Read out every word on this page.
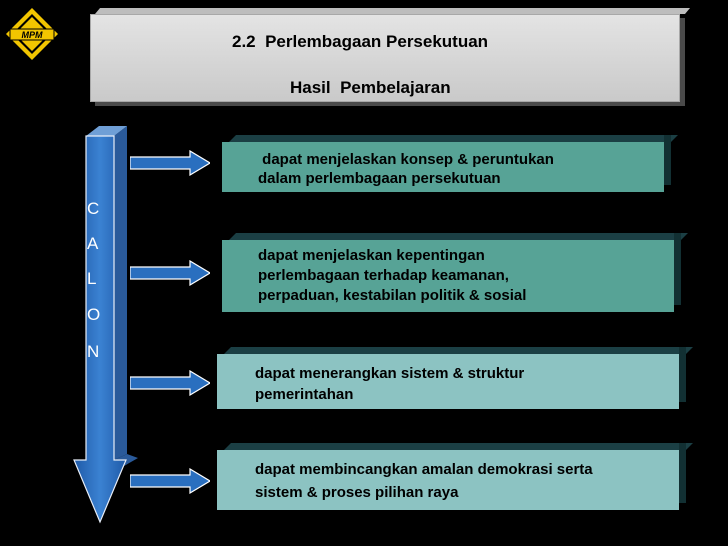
MPM	2.2  Perlembagaan Persekutuan
Hasil  Pembelajaran
C
A
L
O
N
dapat menjelaskan konsep & peruntukan
dalam perlembagaan persekutuan
dapat menjelaskan kepentingan
perlembagaan terhadap keamanan,
perpaduan, kestabilan politik & sosial
dapat menerangkan sistem & struktur
pemerintahan
dapat membincangkan amalan demokrasi serta
sistem & proses pilihan raya
